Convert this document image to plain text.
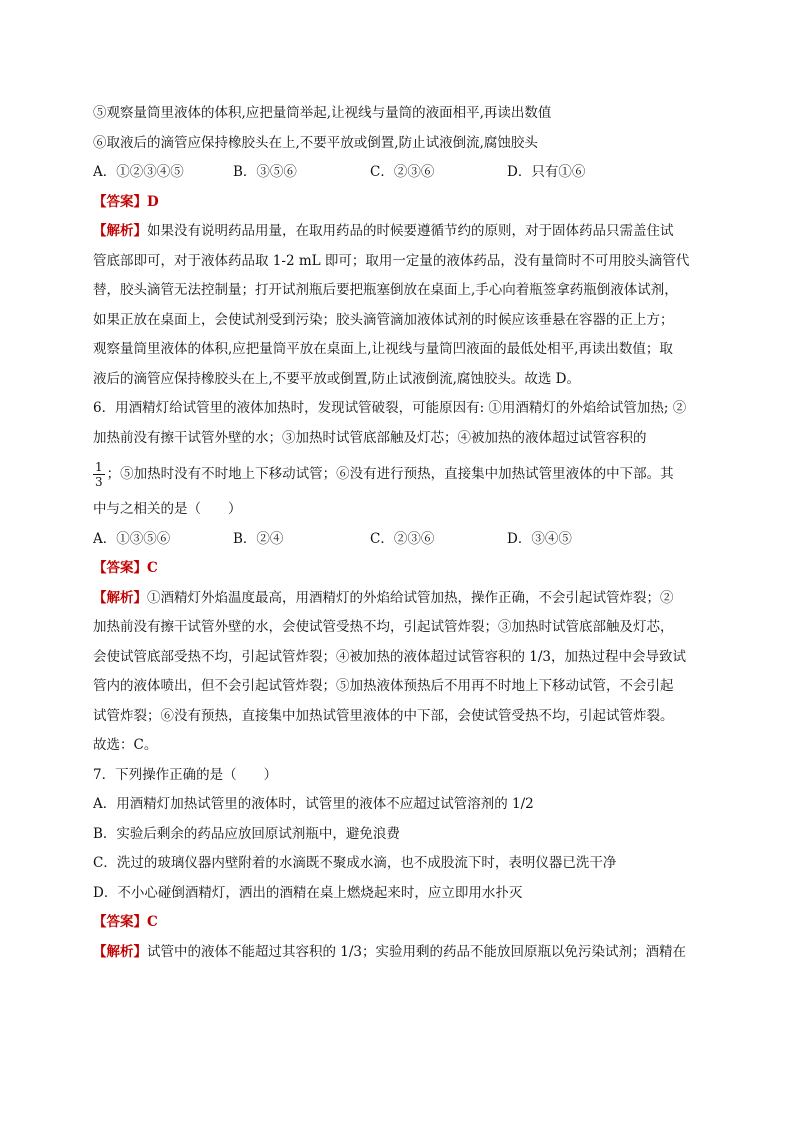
⑤观察量筒里液体的体积,应把量筒举起,让视线与量筒的液面相平,再读出数值
⑥取液后的滴管应保持橡胶头在上,不要平放或倒置,防止试液倒流,腐蚀胶头
A．①②③④⑤	B．③⑤⑥	C．②③⑥	D．只有①⑥
【答案】D
【解析】如果没有说明药品用量，在取用药品的时候要遵循节约的原则，对于固体药品只需盖住试
管底部即可，对于液体药品取 1-2 mL 即可；取用一定量的液体药品，没有量筒时不可用胶头滴管代
替，胶头滴管无法控制量；打开试剂瓶后要把瓶塞倒放在桌面上,手心向着瓶签拿药瓶倒液体试剂，
如果正放在桌面上，会使试剂受到污染；胶头滴管滴加液体试剂的时候应该垂悬在容器的正上方；
观察量筒里液体的体积,应把量筒平放在桌面上,让视线与量筒凹液面的最低处相平,再读出数值；取
液后的滴管应保持橡胶头在上,不要平放或倒置,防止试液倒流,腐蚀胶头。故选 D。
6．用酒精灯给试管里的液体加热时，发现试管破裂，可能原因有: ①用酒精灯的外焰给试管加热; ②
加热前没有擦干试管外壁的水；③加热时试管底部触及灯芯；④被加热的液体超过试管容积的
$\frac{1}{3}$ ；⑤加热时没有不时地上下移动试管；⑥没有进行预热，直接集中加热试管里液体的中下部。其
中与之相关的是（　　）
A．①③⑤⑥	B．②④	C．②③⑥	D．③④⑤
【答案】C
【解析】①酒精灯外焰温度最高，用酒精灯的外焰给试管加热，操作正确，不会引起试管炸裂；②
加热前没有擦干试管外壁的水，会使试管受热不均，引起试管炸裂；③加热时试管底部触及灯芯，
会使试管底部受热不均，引起试管炸裂；④被加热的液体超过试管容积的 1/3，加热过程中会导致试
管内的液体喷出，但不会引起试管炸裂；⑤加热液体预热后不用再不时地上下移动试管，不会引起
试管炸裂；⑥没有预热，直接集中加热试管里液体的中下部，会使试管受热不均，引起试管炸裂。
故选：C。
7．下列操作正确的是（　　）
A．用酒精灯加热试管里的液体时，试管里的液体不应超过试管溶剂的 1/2
B．实验后剩余的药品应放回原试剂瓶中，避免浪费
C．洗过的玻璃仪器内壁附着的水滴既不聚成水滴，也不成股流下时，表明仪器已洗干净
D．不小心碰倒酒精灯，洒出的酒精在桌上燃烧起来时，应立即用水扑灭
【答案】C
【解析】试管中的液体不能超过其容积的 1/3；实验用剩的药品不能放回原瓶以免污染试剂；酒精在
